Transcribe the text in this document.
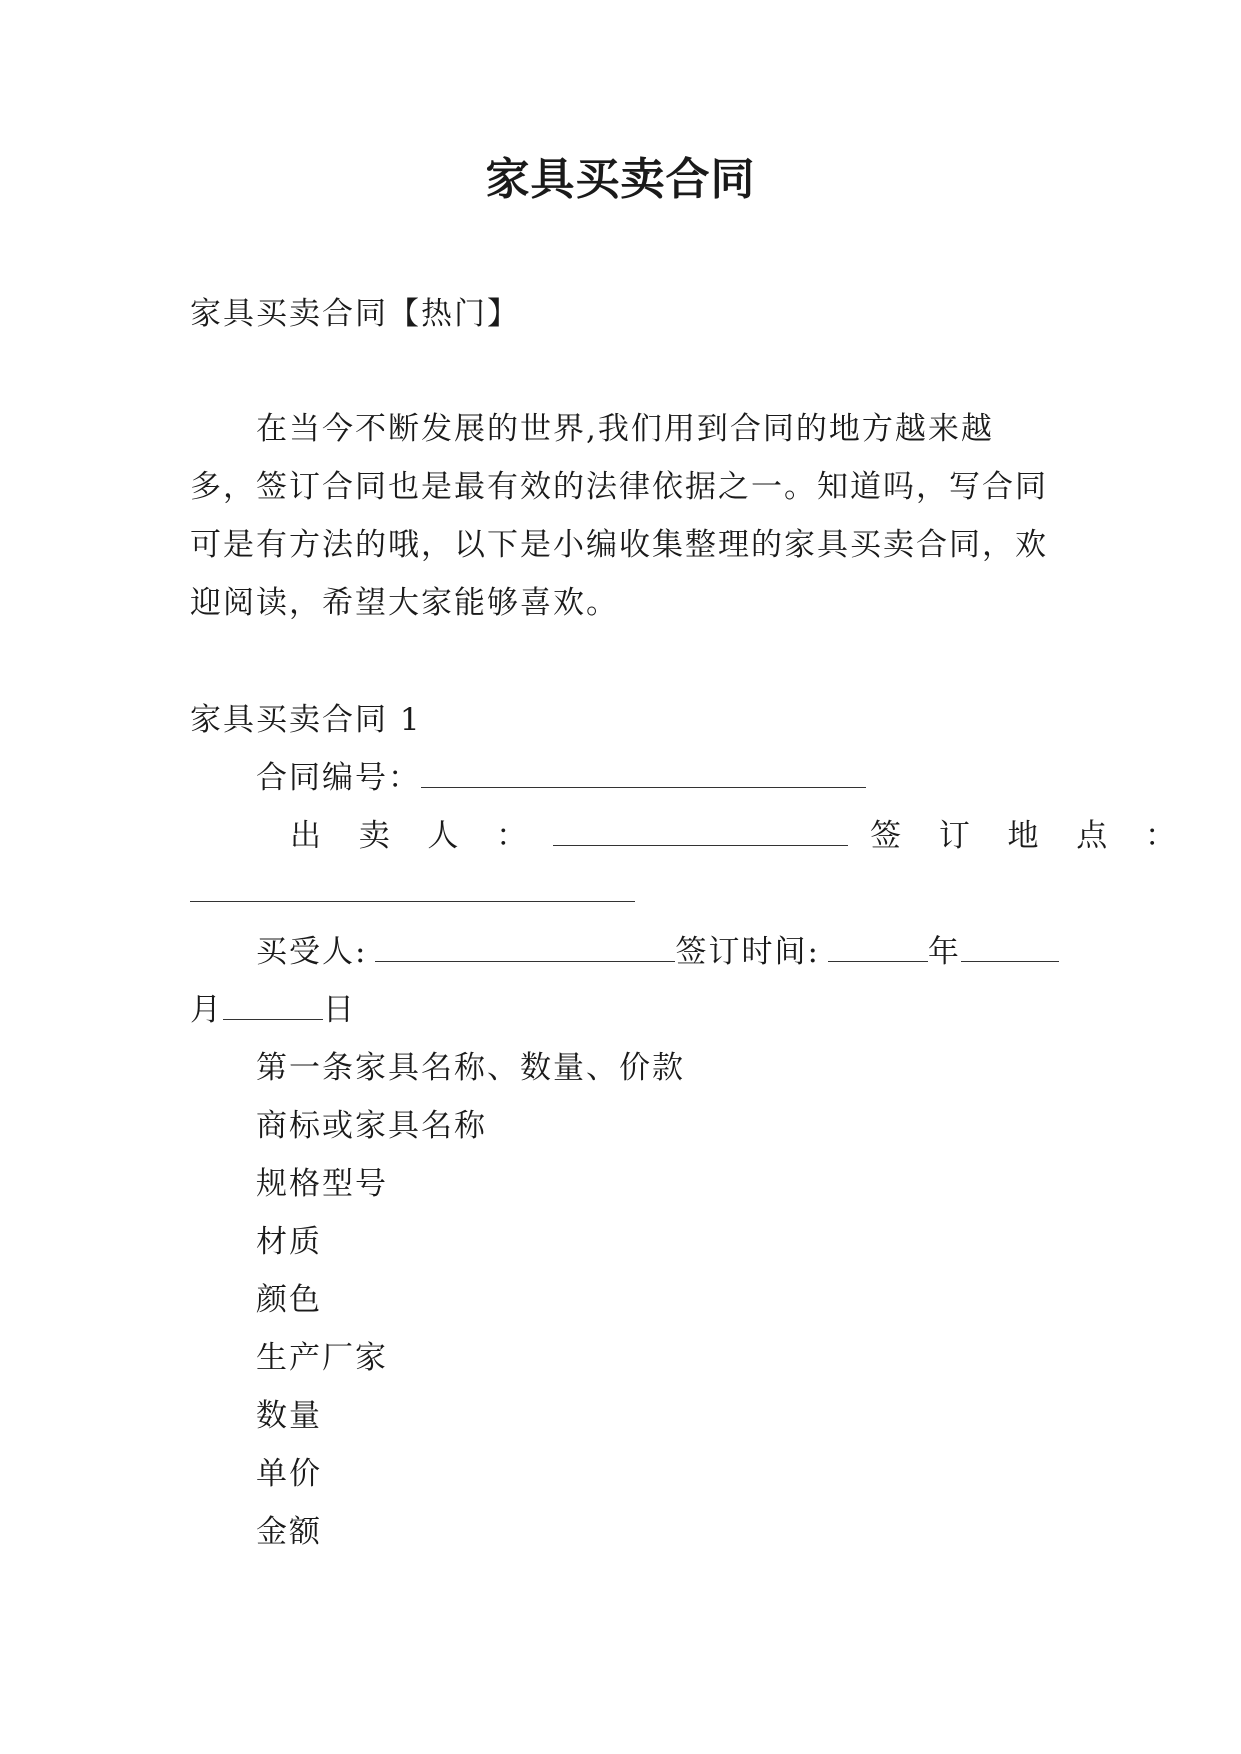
家具买卖合同
家具买卖合同【热门】
在当今不断发展的世界,我们用到合同的地方越来越多，签订合同也是最有效的法律依据之一。知道吗，写合同可是有方法的哦，以下是小编收集整理的家具买卖合同，欢迎阅读，希望大家能够喜欢。
家具买卖合同 1
合同编号：
出  卖  人  ：	签  订  地  点  ：
买受人:	签订时间:	年
月	日
第一条家具名称、数量、价款
商标或家具名称
规格型号
材质
颜色
生产厂家
数量
单价
金额
